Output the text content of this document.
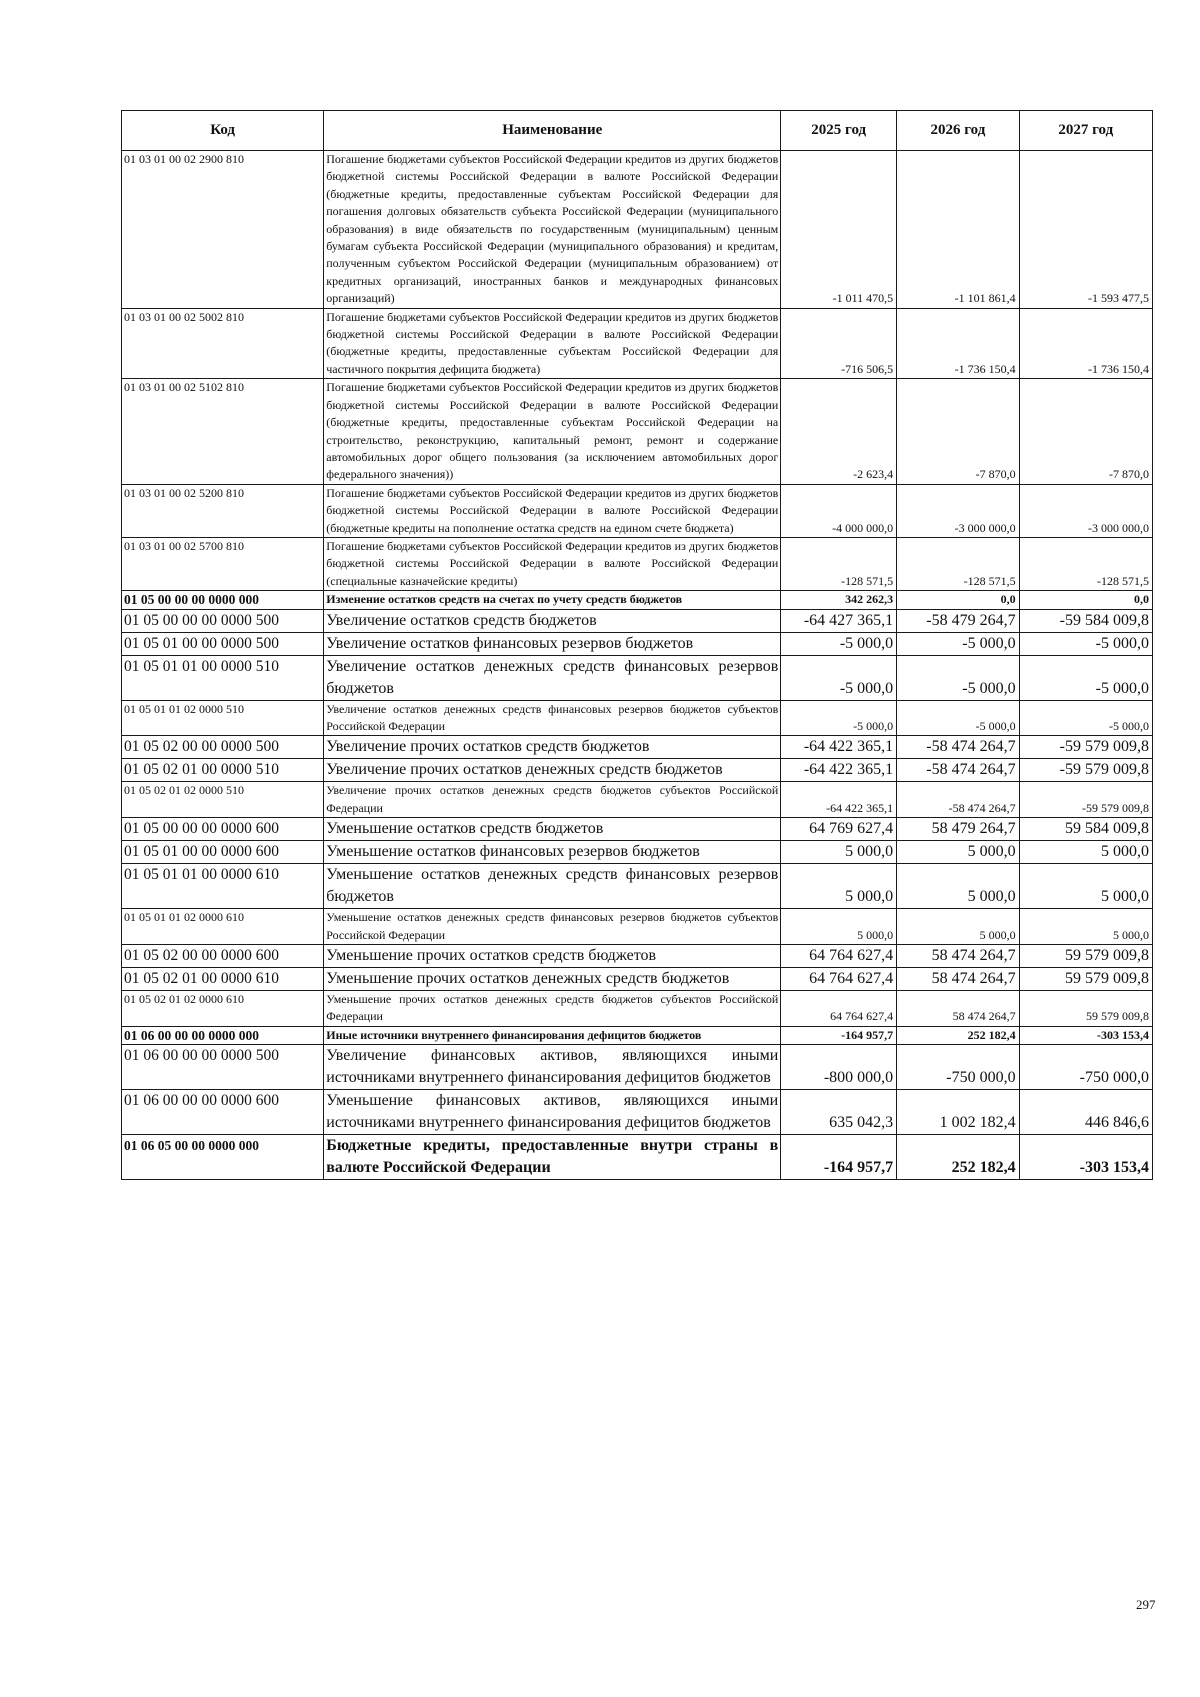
Код	Наименование	2025 год	2026 год	2027 год
01 03 01 00 02 2900 810	Погашение бюджетами субъектов Российской Федерации кредитов из других бюджетов бюджетной системы Российской Федерации в валюте Российской Федерации (бюджетные кредиты, предоставленные субъектам Российской Федерации для погашения долговых обязательств субъекта Российской Федерации (муниципального образования) в виде обязательств по государственным (муниципальным) ценным бумагам субъекта Российской Федерации (муниципального образования) и кредитам, полученным субъектом Российской Федерации (муниципальным образованием) от кредитных организаций, иностранных банков и международных финансовых организаций)	-1 011 470,5	-1 101 861,4	-1 593 477,5
01 03 01 00 02 5002 810	Погашение бюджетами субъектов Российской Федерации кредитов из других бюджетов бюджетной системы Российской Федерации в валюте Российской Федерации (бюджетные кредиты, предоставленные субъектам Российской Федерации для частичного покрытия дефицита бюджета)	-716 506,5	-1 736 150,4	-1 736 150,4
01 03 01 00 02 5102 810	Погашение бюджетами субъектов Российской Федерации кредитов из других бюджетов бюджетной системы Российской Федерации в валюте Российской Федерации (бюджетные кредиты, предоставленные субъектам Российской Федерации на строительство, реконструкцию, капитальный ремонт, ремонт и содержание автомобильных дорог общего пользования (за исключением автомобильных дорог федерального значения))	-2 623,4	-7 870,0	-7 870,0
01 03 01 00 02 5200 810	Погашение бюджетами субъектов Российской Федерации кредитов из других бюджетов бюджетной системы Российской Федерации в валюте Российской Федерации (бюджетные кредиты на пополнение остатка средств на едином счете бюджета)	-4 000 000,0	-3 000 000,0	-3 000 000,0
01 03 01 00 02 5700 810	Погашение бюджетами субъектов Российской Федерации кредитов из других бюджетов бюджетной системы Российской Федерации в валюте Российской Федерации (специальные казначейские кредиты)	-128 571,5	-128 571,5	-128 571,5
01 05 00 00 00 0000 000	Изменение остатков средств на счетах по учету средств бюджетов	342 262,3	0,0	0,0
01 05 00 00 00 0000 500	Увеличение остатков средств бюджетов	-64 427 365,1	-58 479 264,7	-59 584 009,8
01 05 01 00 00 0000 500	Увеличение остатков финансовых резервов бюджетов	-5 000,0	-5 000,0	-5 000,0
01 05 01 01 00 0000 510	Увеличение остатков денежных средств финансовых резервов бюджетов	-5 000,0	-5 000,0	-5 000,0
01 05 01 01 02 0000 510	Увеличение остатков денежных средств финансовых резервов бюджетов субъектов Российской Федерации	-5 000,0	-5 000,0	-5 000,0
01 05 02 00 00 0000 500	Увеличение прочих остатков средств бюджетов	-64 422 365,1	-58 474 264,7	-59 579 009,8
01 05 02 01 00 0000 510	Увеличение прочих остатков денежных средств бюджетов	-64 422 365,1	-58 474 264,7	-59 579 009,8
01 05 02 01 02 0000 510	Увеличение прочих остатков денежных средств бюджетов субъектов Российской Федерации	-64 422 365,1	-58 474 264,7	-59 579 009,8
01 05 00 00 00 0000 600	Уменьшение остатков средств бюджетов	64 769 627,4	58 479 264,7	59 584 009,8
01 05 01 00 00 0000 600	Уменьшение остатков финансовых резервов бюджетов	5 000,0	5 000,0	5 000,0
01 05 01 01 00 0000 610	Уменьшение остатков денежных средств финансовых резервов бюджетов	5 000,0	5 000,0	5 000,0
01 05 01 01 02 0000 610	Уменьшение остатков денежных средств финансовых резервов бюджетов субъектов Российской Федерации	5 000,0	5 000,0	5 000,0
01 05 02 00 00 0000 600	Уменьшение прочих остатков средств бюджетов	64 764 627,4	58 474 264,7	59 579 009,8
01 05 02 01 00 0000 610	Уменьшение прочих остатков денежных средств бюджетов	64 764 627,4	58 474 264,7	59 579 009,8
01 05 02 01 02 0000 610	Уменьшение прочих остатков денежных средств бюджетов субъектов Российской Федерации	64 764 627,4	58 474 264,7	59 579 009,8
01 06 00 00 00 0000 000	Иные источники внутреннего финансирования дефицитов бюджетов	-164 957,7	252 182,4	-303 153,4
01 06 00 00 00 0000 500	Увеличение финансовых активов, являющихся иными источниками внутреннего финансирования дефицитов бюджетов	-800 000,0	-750 000,0	-750 000,0
01 06 00 00 00 0000 600	Уменьшение финансовых активов, являющихся иными источниками внутреннего финансирования дефицитов бюджетов	635 042,3	1 002 182,4	446 846,6
01 06 05 00 00 0000 000	Бюджетные кредиты, предоставленные внутри страны в валюте Российской Федерации	-164 957,7	252 182,4	-303 153,4
297
